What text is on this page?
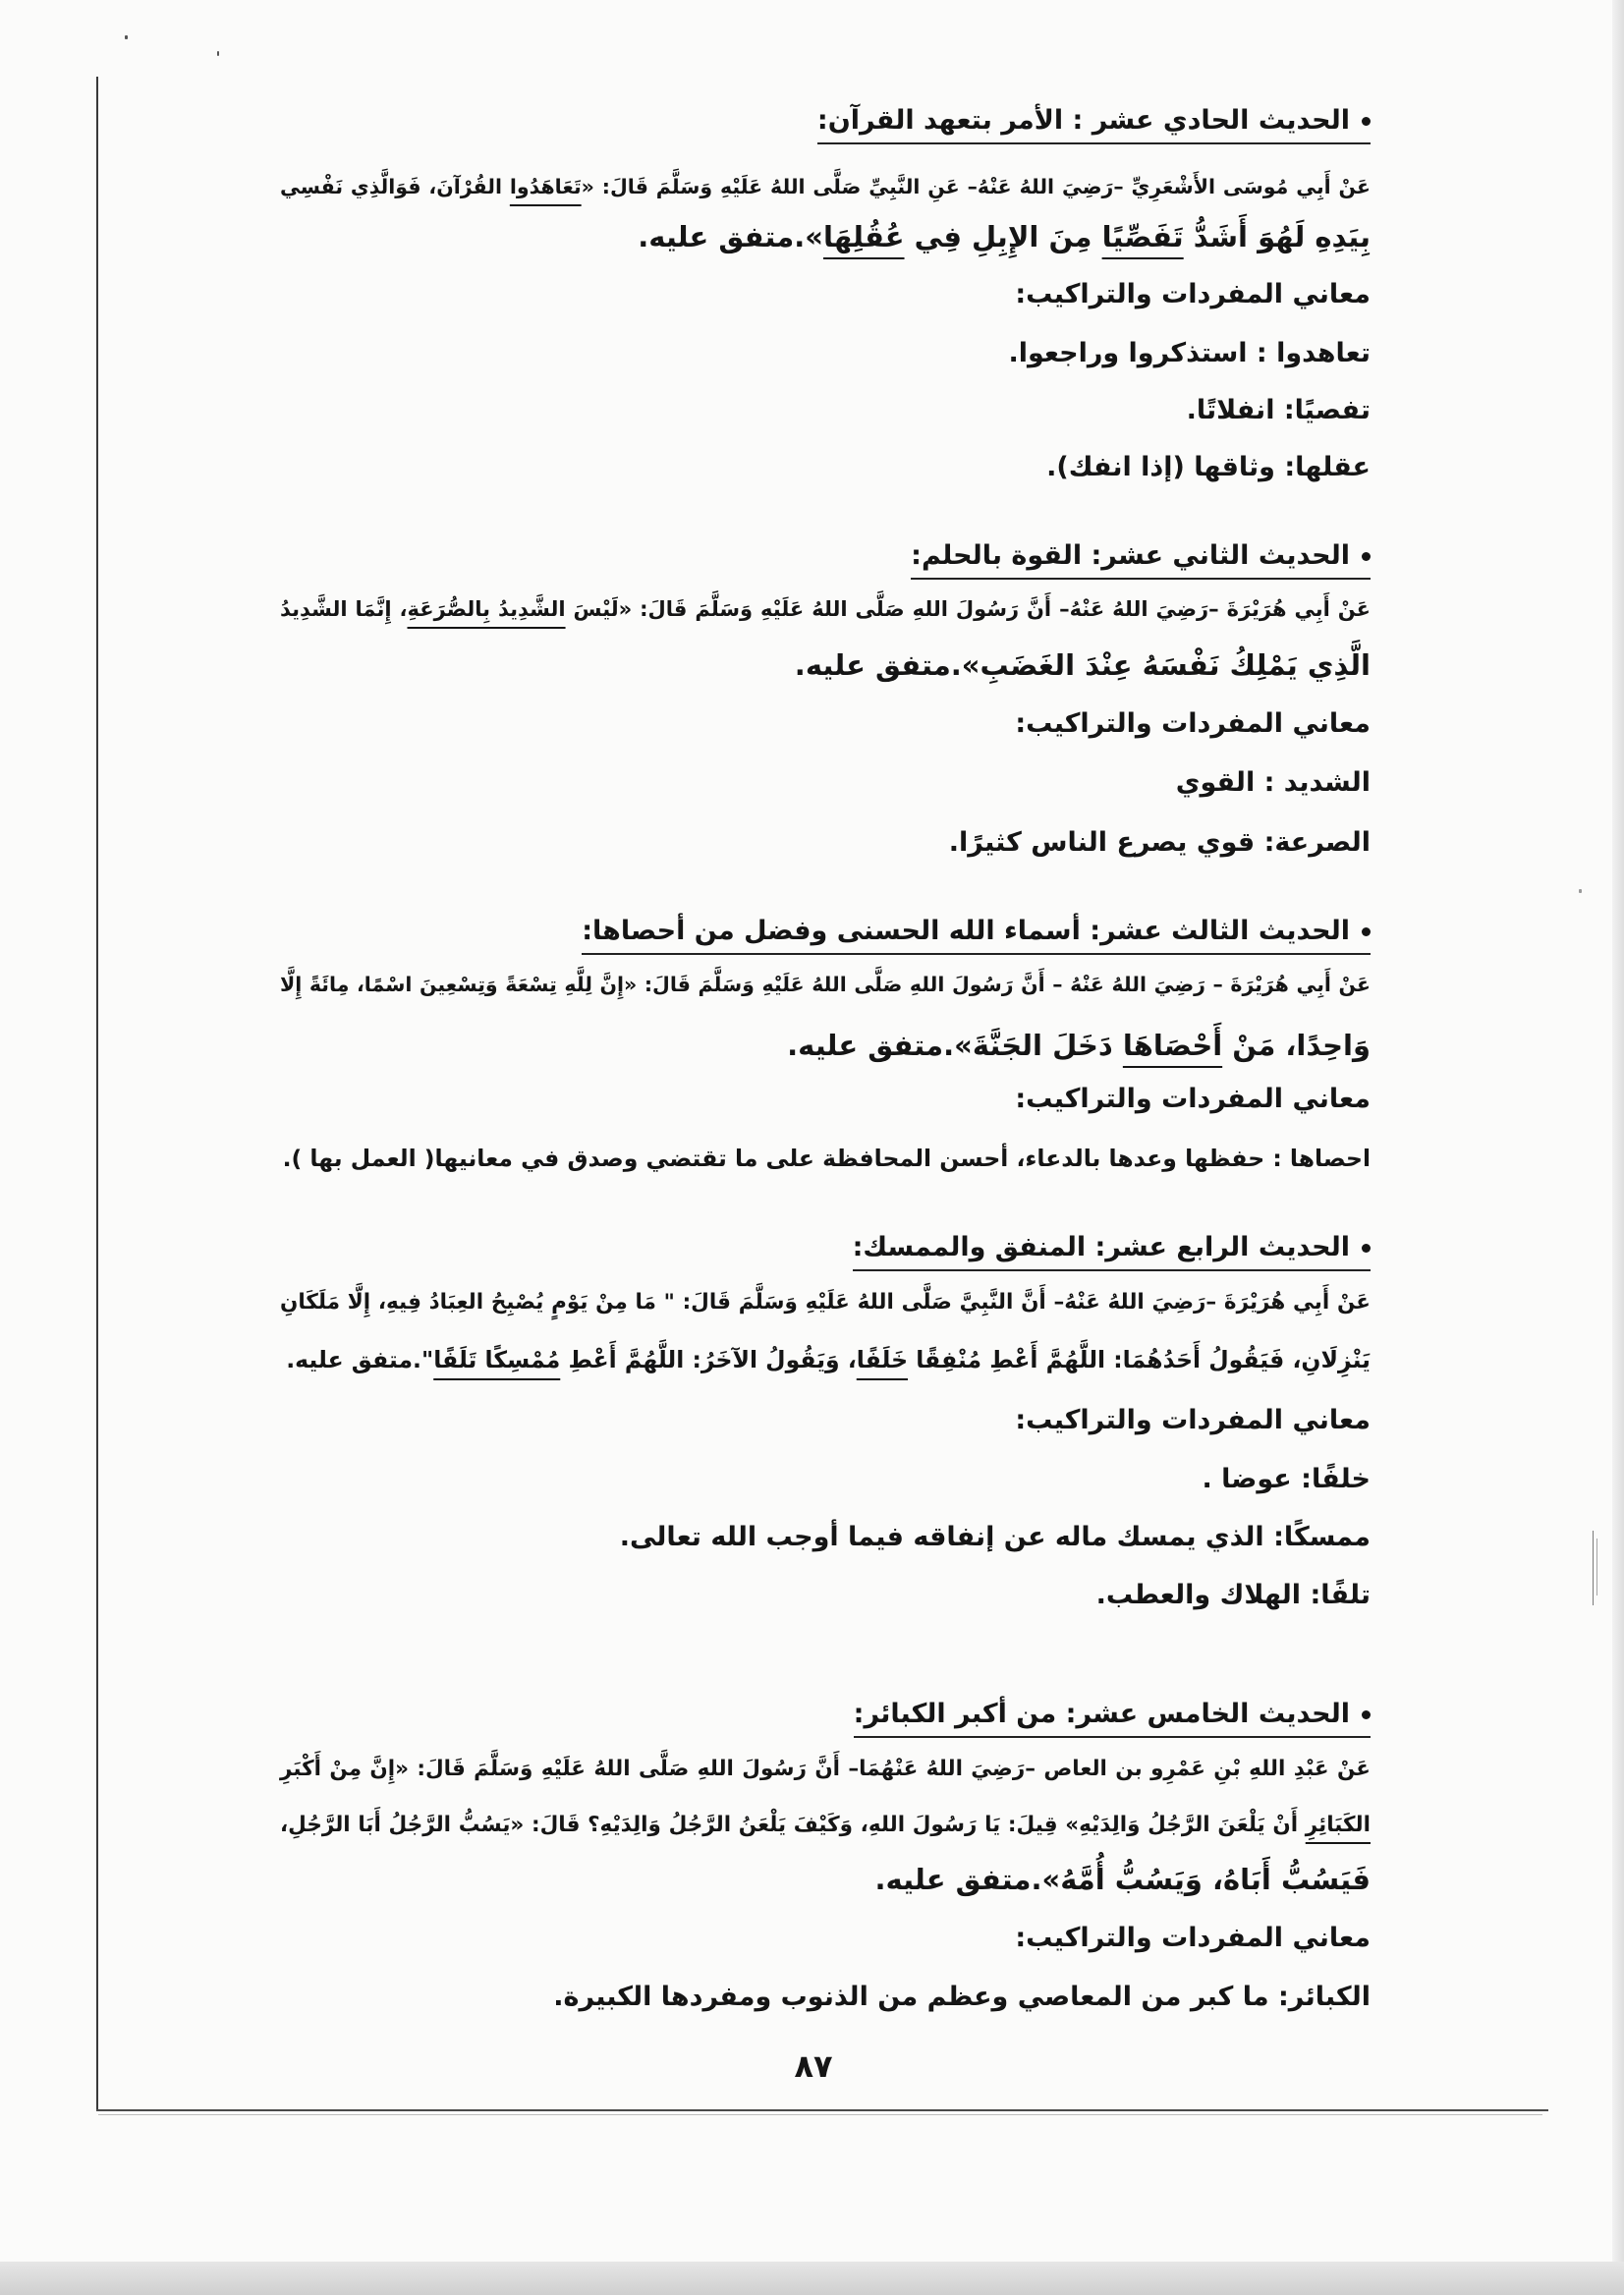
الحديث الحادي عشر : الأمر بتعهد القرآن:
عَنْ أَبِي مُوسَى الأَشْعَرِيِّ –رَضِيَ اللهُ عَنْهُ– عَنِ النَّبِيِّ صَلَّى اللهُ عَلَيْهِ وَسَلَّمَ قَالَ: «تَعَاهَدُوا القُرْآنَ، فَوَالَّذِي نَفْسِي
بِيَدِهِ لَهُوَ أَشَدُّ تَفَصِّيًا مِنَ الإِبِلِ فِي عُقُلِهَا».متفق عليه.
معاني المفردات والتراكيب:
تعاهدوا : استذكروا وراجعوا.
تفصيًا: انفلاتًا.
عقلها: وثاقها (إذا انفك).
الحديث الثاني عشر: القوة بالحلم:
عَنْ أَبِي هُرَيْرَةَ –رَضِيَ اللهُ عَنْهُ– أَنَّ رَسُولَ اللهِ صَلَّى اللهُ عَلَيْهِ وَسَلَّمَ قَالَ: «لَيْسَ الشَّدِيدُ بِالصُّرَعَةِ، إِنَّمَا الشَّدِيدُ
الَّذِي يَمْلِكُ نَفْسَهُ عِنْدَ الغَضَبِ».متفق عليه.
معاني المفردات والتراكيب:
الشديد : القوي
الصرعة: قوي يصرع الناس كثيرًا.
الحديث الثالث عشر: أسماء الله الحسنى وفضل من أحصاها:
عَنْ أَبِي هُرَيْرَةَ – رَضِيَ اللهُ عَنْهُ – أَنَّ رَسُولَ اللهِ صَلَّى اللهُ عَلَيْهِ وَسَلَّمَ قَالَ: «إِنَّ لِلَّهِ تِسْعَةً وَتِسْعِينَ اسْمًا، مِائَةً إِلَّا
وَاحِدًا، مَنْ أَحْصَاهَا دَخَلَ الجَنَّةَ».متفق عليه.
معاني المفردات والتراكيب:
احصاها : حفظها وعدها بالدعاء، أحسن المحافظة على ما تقتضي وصدق في معانيها( العمل بها ).
الحديث الرابع عشر: المنفق والممسك:
عَنْ أَبِي هُرَيْرَةَ –رَضِيَ اللهُ عَنْهُ– أَنَّ النَّبِيَّ صَلَّى اللهُ عَلَيْهِ وَسَلَّمَ قَالَ: " مَا مِنْ يَوْمٍ يُصْبِحُ العِبَادُ فِيهِ، إِلَّا مَلَكَانِ
يَنْزِلَانِ، فَيَقُولُ أَحَدُهُمَا: اللَّهُمَّ أَعْطِ مُنْفِقًا خَلَفًا، وَيَقُولُ الآخَرُ: اللَّهُمَّ أَعْطِ مُمْسِكًا تَلَفًا".متفق عليه.
معاني المفردات والتراكيب:
خلفًا: عوضا .
ممسكًا: الذي يمسك ماله عن إنفاقه فيما أوجب الله تعالى.
تلفًا: الهلاك والعطب.
الحديث الخامس عشر: من أكبر الكبائر:
عَنْ عَبْدِ اللهِ بْنِ عَمْرِو بن العاص –رَضِيَ اللهُ عَنْهُمَا– أَنَّ رَسُولَ اللهِ صَلَّى اللهُ عَلَيْهِ وَسَلَّمَ قَالَ: «إِنَّ مِنْ أَكْبَرِ
الكَبَائِرِ أَنْ يَلْعَنَ الرَّجُلُ وَالِدَيْهِ» قِيلَ: يَا رَسُولَ اللهِ، وَكَيْفَ يَلْعَنُ الرَّجُلُ وَالِدَيْهِ؟ قَالَ: «يَسُبُّ الرَّجُلُ أَبَا الرَّجُلِ،
فَيَسُبُّ أَبَاهُ، وَيَسُبُّ أُمَّهُ».متفق عليه.
معاني المفردات والتراكيب:
الكبائر: ما كبر من المعاصي وعظم من الذنوب ومفردها الكبيرة.
٨٧
